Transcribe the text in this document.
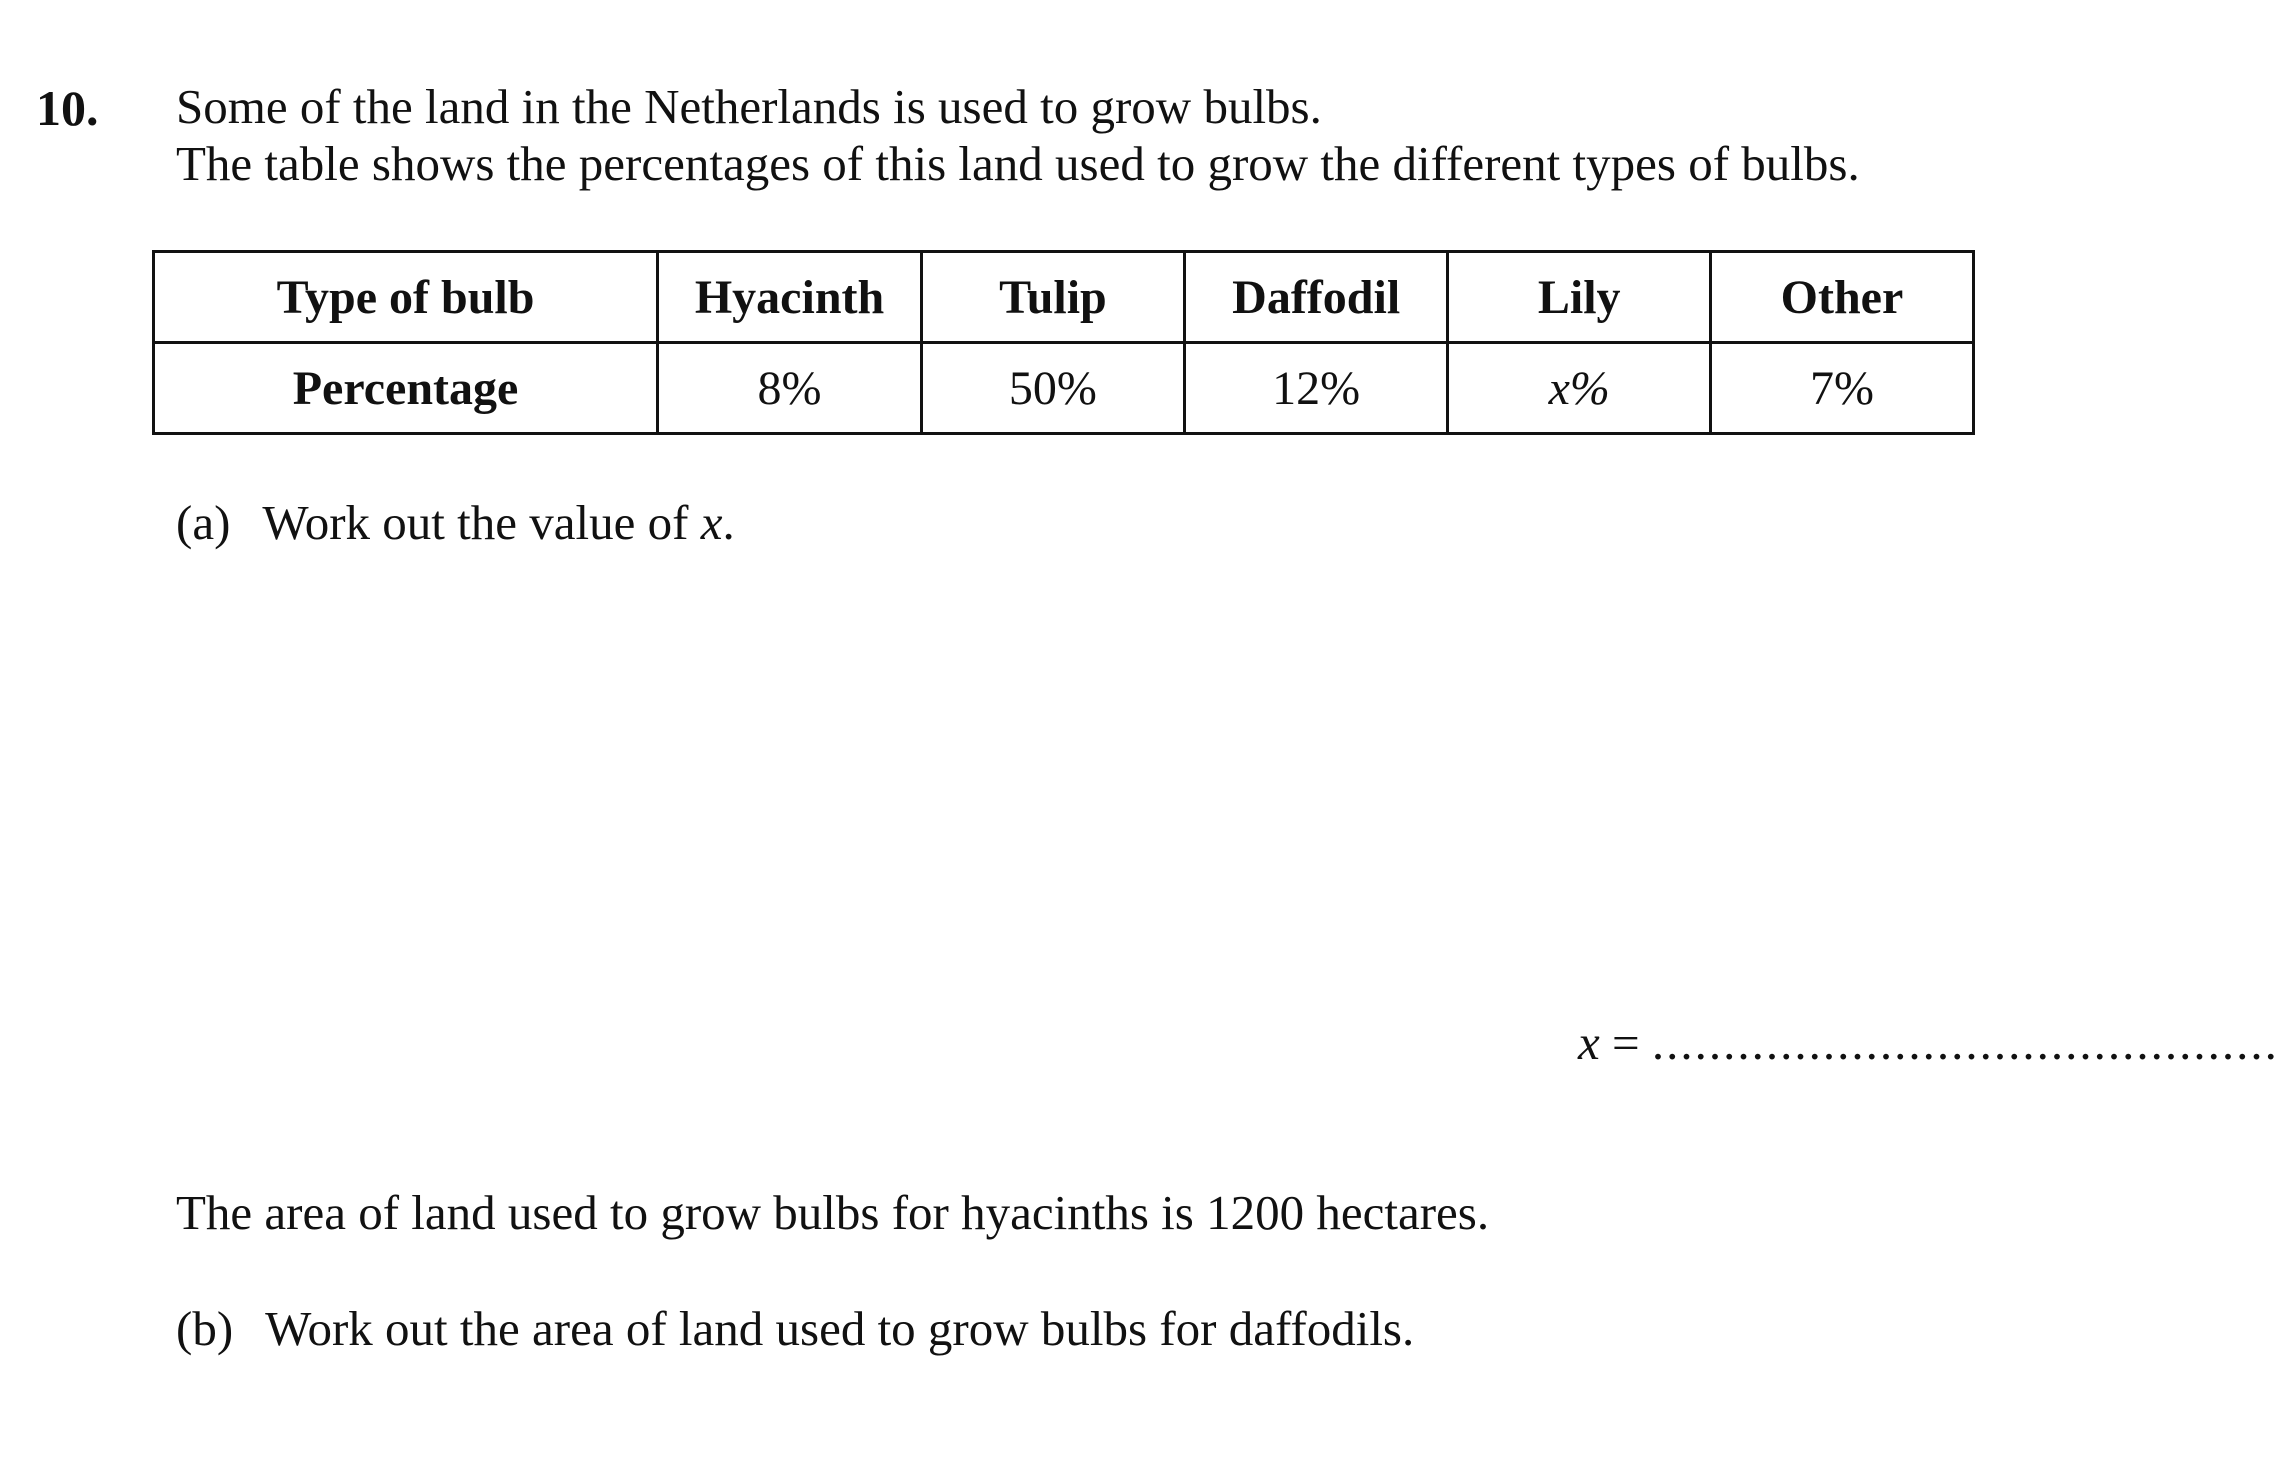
10. Some of the land in the Netherlands is used to grow bulbs.
The table shows the percentages of this land used to grow the different types of bulbs.
Type of bulb	Hyacinth	Tulip	Daffodil	Lily	Other
Percentage	8%	50%	12%	x%	7%
(a) Work out the value of x.
x = ............................................
The area of land used to grow bulbs for hyacinths is 1200 hectares.
(b) Work out the area of land used to grow bulbs for daffodils.
